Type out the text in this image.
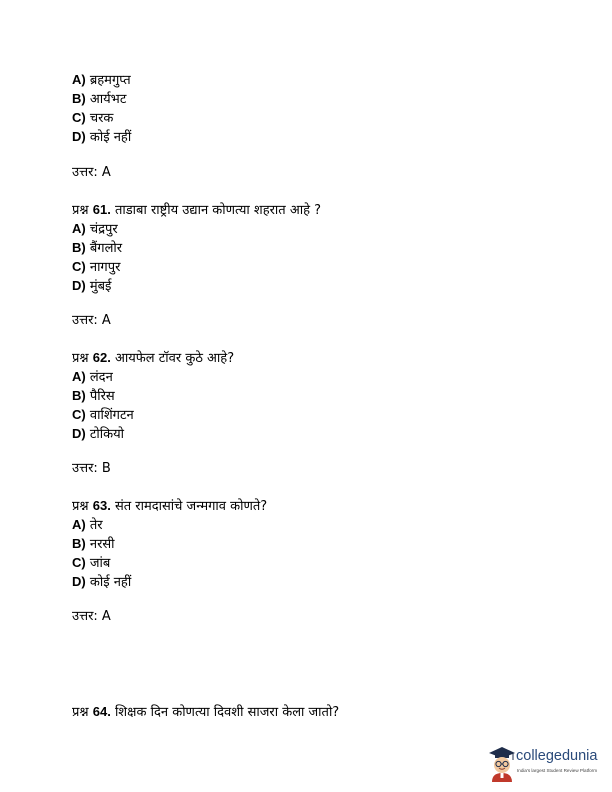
A) ब्रहमगुप्त
B) आर्यभट
C) चरक
D) कोई नहीं
उत्तर: A
प्रश्न 61. ताडाबा राष्ट्रीय उद्यान कोणत्या शहरात आहे ?
A) चंद्रपुर
B) बैंगलोर
C) नागपुर
D) मुंबई
उत्तर: A
प्रश्न 62. आयफेल टॉवर कुठे आहे?
A) लंदन
B) पैरिस
C) वाशिंगटन
D) टोकियो
उत्तर: B
प्रश्न 63. संत रामदासांचे जन्मगाव कोणते?
A) तेर
B) नरसी
C) जांब
D) कोई नहीं
उत्तर: A
प्रश्न 64. शिक्षक दिन कोणत्या दिवशी साजरा केला जातो?
collegedunia
India's largest Student Review Platform
